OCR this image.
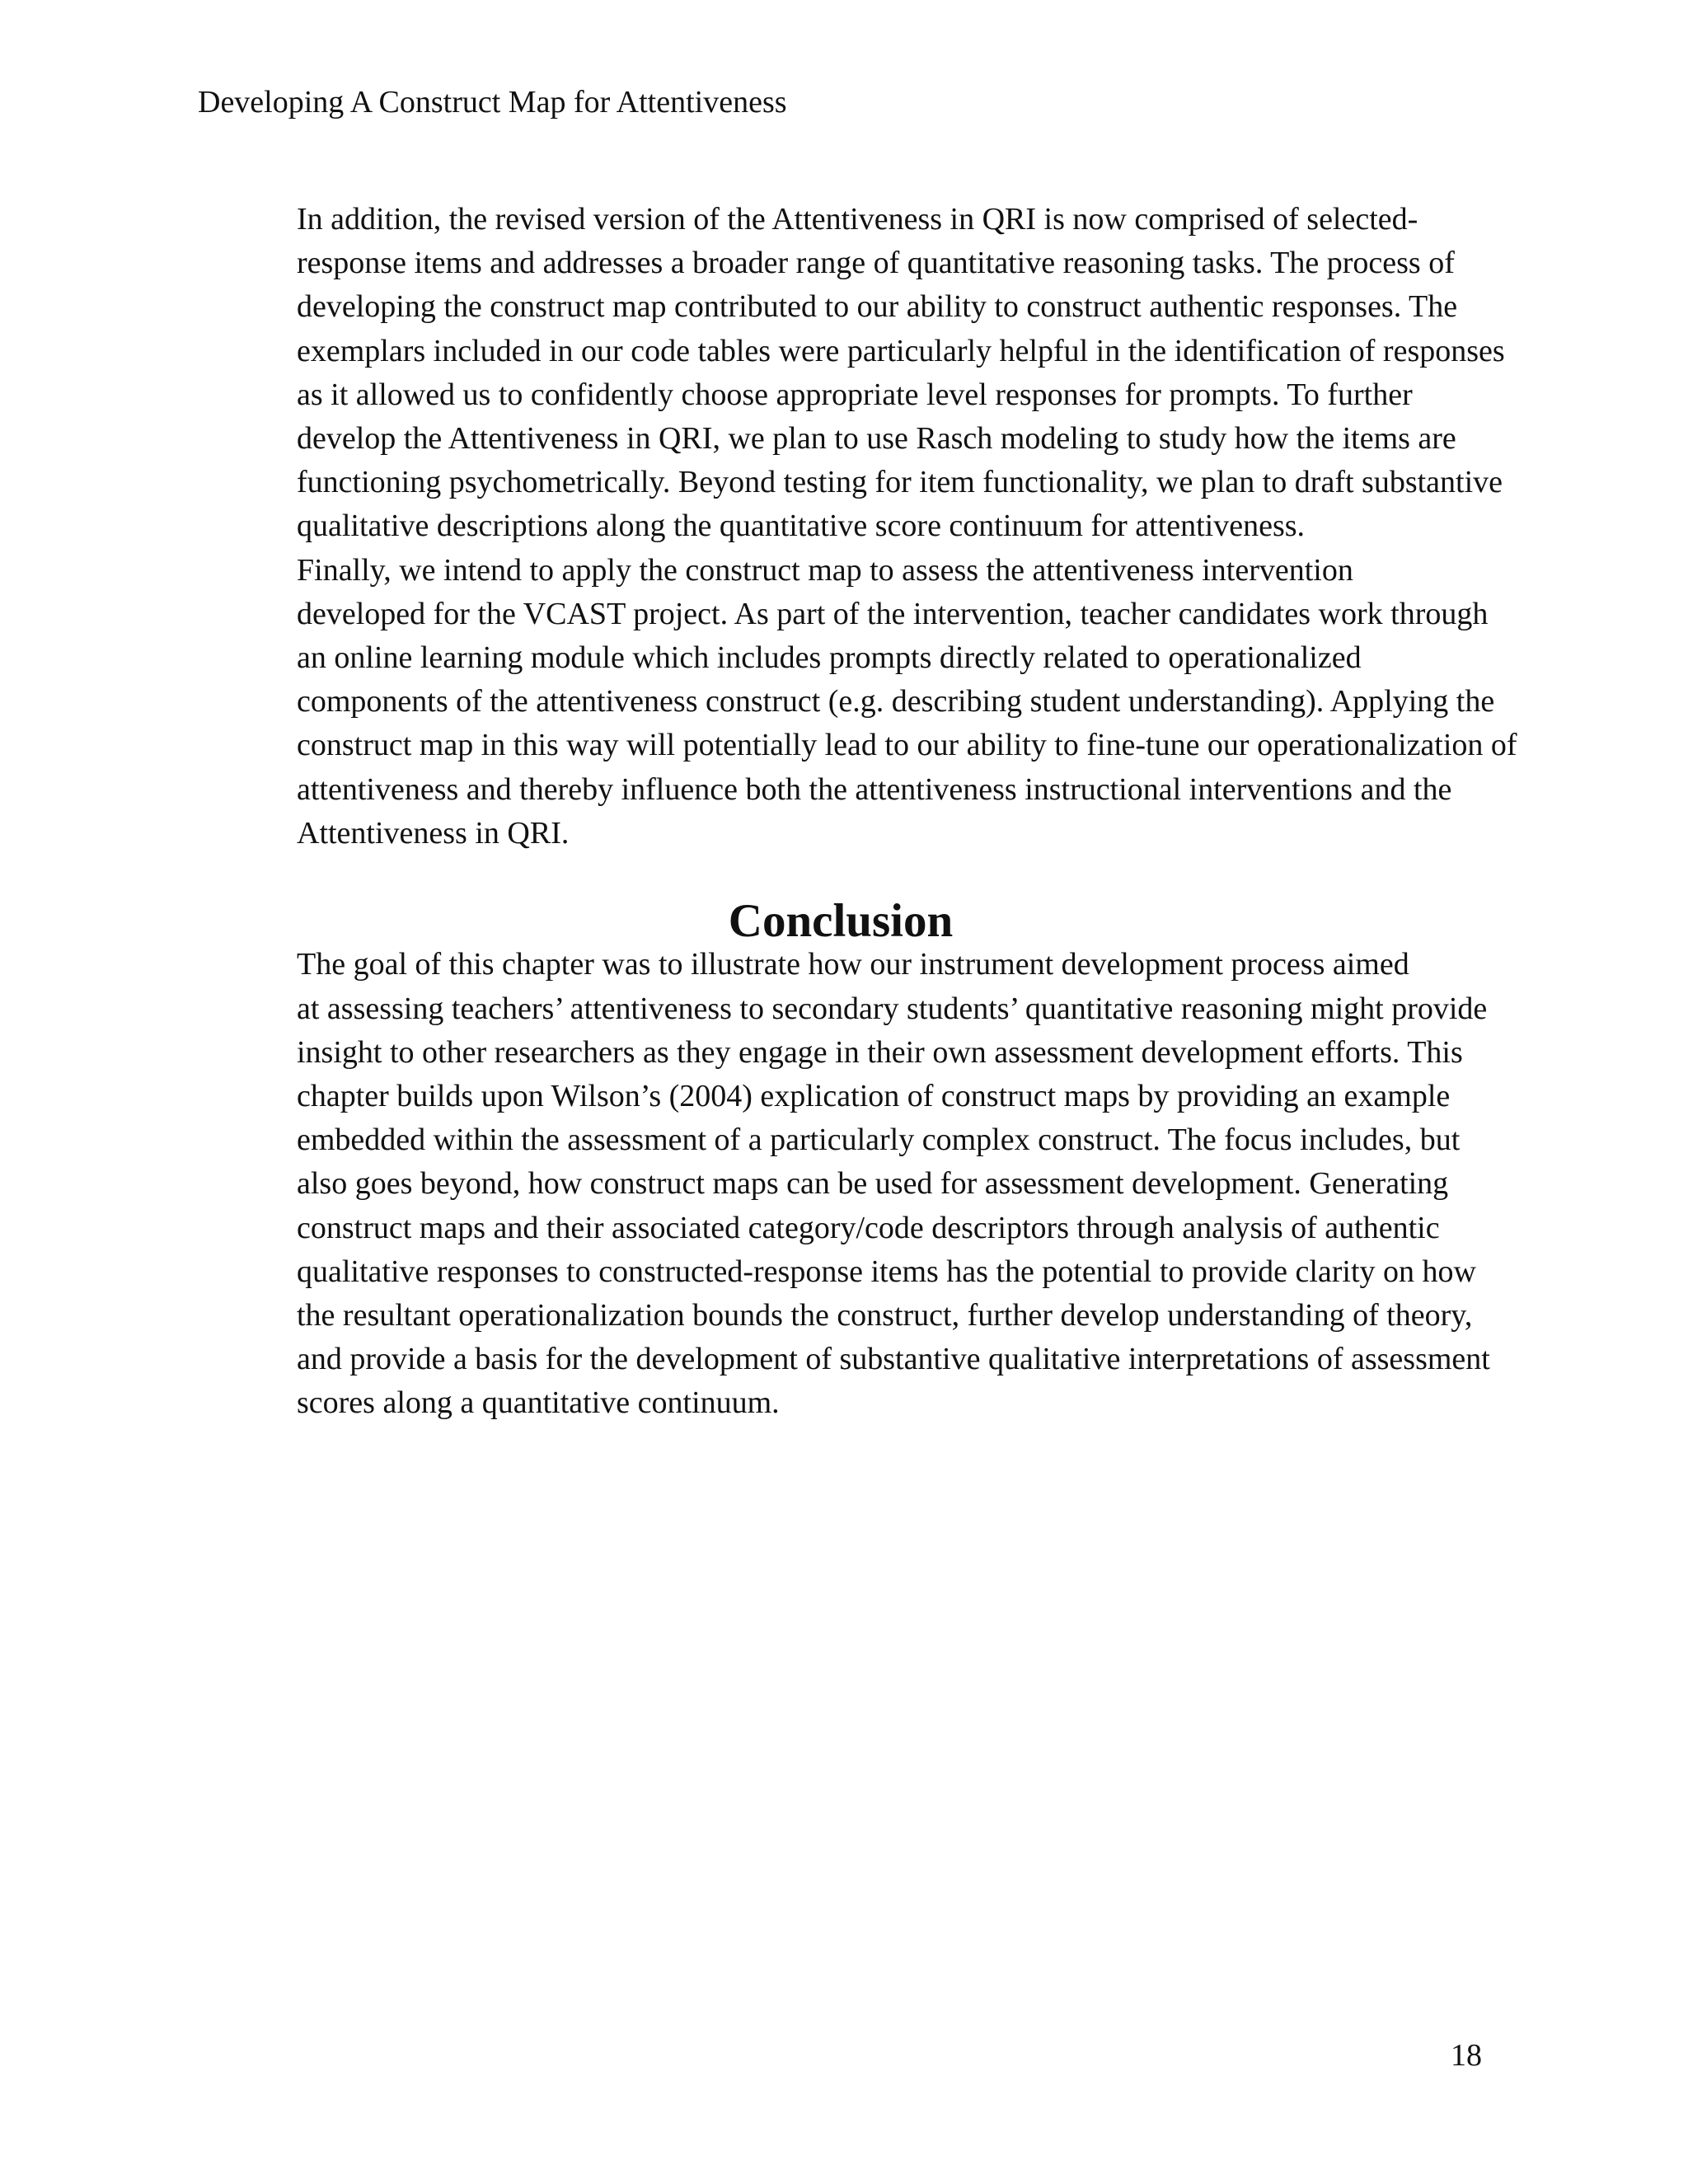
Developing A Construct Map for Attentiveness

In addition, the revised version of the Attentiveness in QRI is now comprised of selected-
response items and addresses a broader range of quantitative reasoning tasks. The process of
developing the construct map contributed to our ability to construct authentic responses. The
exemplars included in our code tables were particularly helpful in the identification of responses
as it allowed us to confidently choose appropriate level responses for prompts. To further
develop the Attentiveness in QRI, we plan to use Rasch modeling to study how the items are
functioning psychometrically. Beyond testing for item functionality, we plan to draft substantive
qualitative descriptions along the quantitative score continuum for attentiveness.

Finally, we intend to apply the construct map to assess the attentiveness intervention
developed for the VCAST project. As part of the intervention, teacher candidates work through
an online learning module which includes prompts directly related to operationalized
components of the attentiveness construct (e.g. describing student understanding). Applying the
construct map in this way will potentially lead to our ability to fine-tune our operationalization of
attentiveness and thereby influence both the attentiveness instructional interventions and the
Attentiveness in QRI.

Conclusion

The goal of this chapter was to illustrate how our instrument development process aimed
at assessing teachers’ attentiveness to secondary students’ quantitative reasoning might provide
insight to other researchers as they engage in their own assessment development efforts. This
chapter builds upon Wilson’s (2004) explication of construct maps by providing an example
embedded within the assessment of a particularly complex construct. The focus includes, but
also goes beyond, how construct maps can be used for assessment development. Generating
construct maps and their associated category/code descriptors through analysis of authentic
qualitative responses to constructed-response items has the potential to provide clarity on how
the resultant operationalization bounds the construct, further develop understanding of theory,
and provide a basis for the development of substantive qualitative interpretations of assessment
scores along a quantitative continuum.

18
